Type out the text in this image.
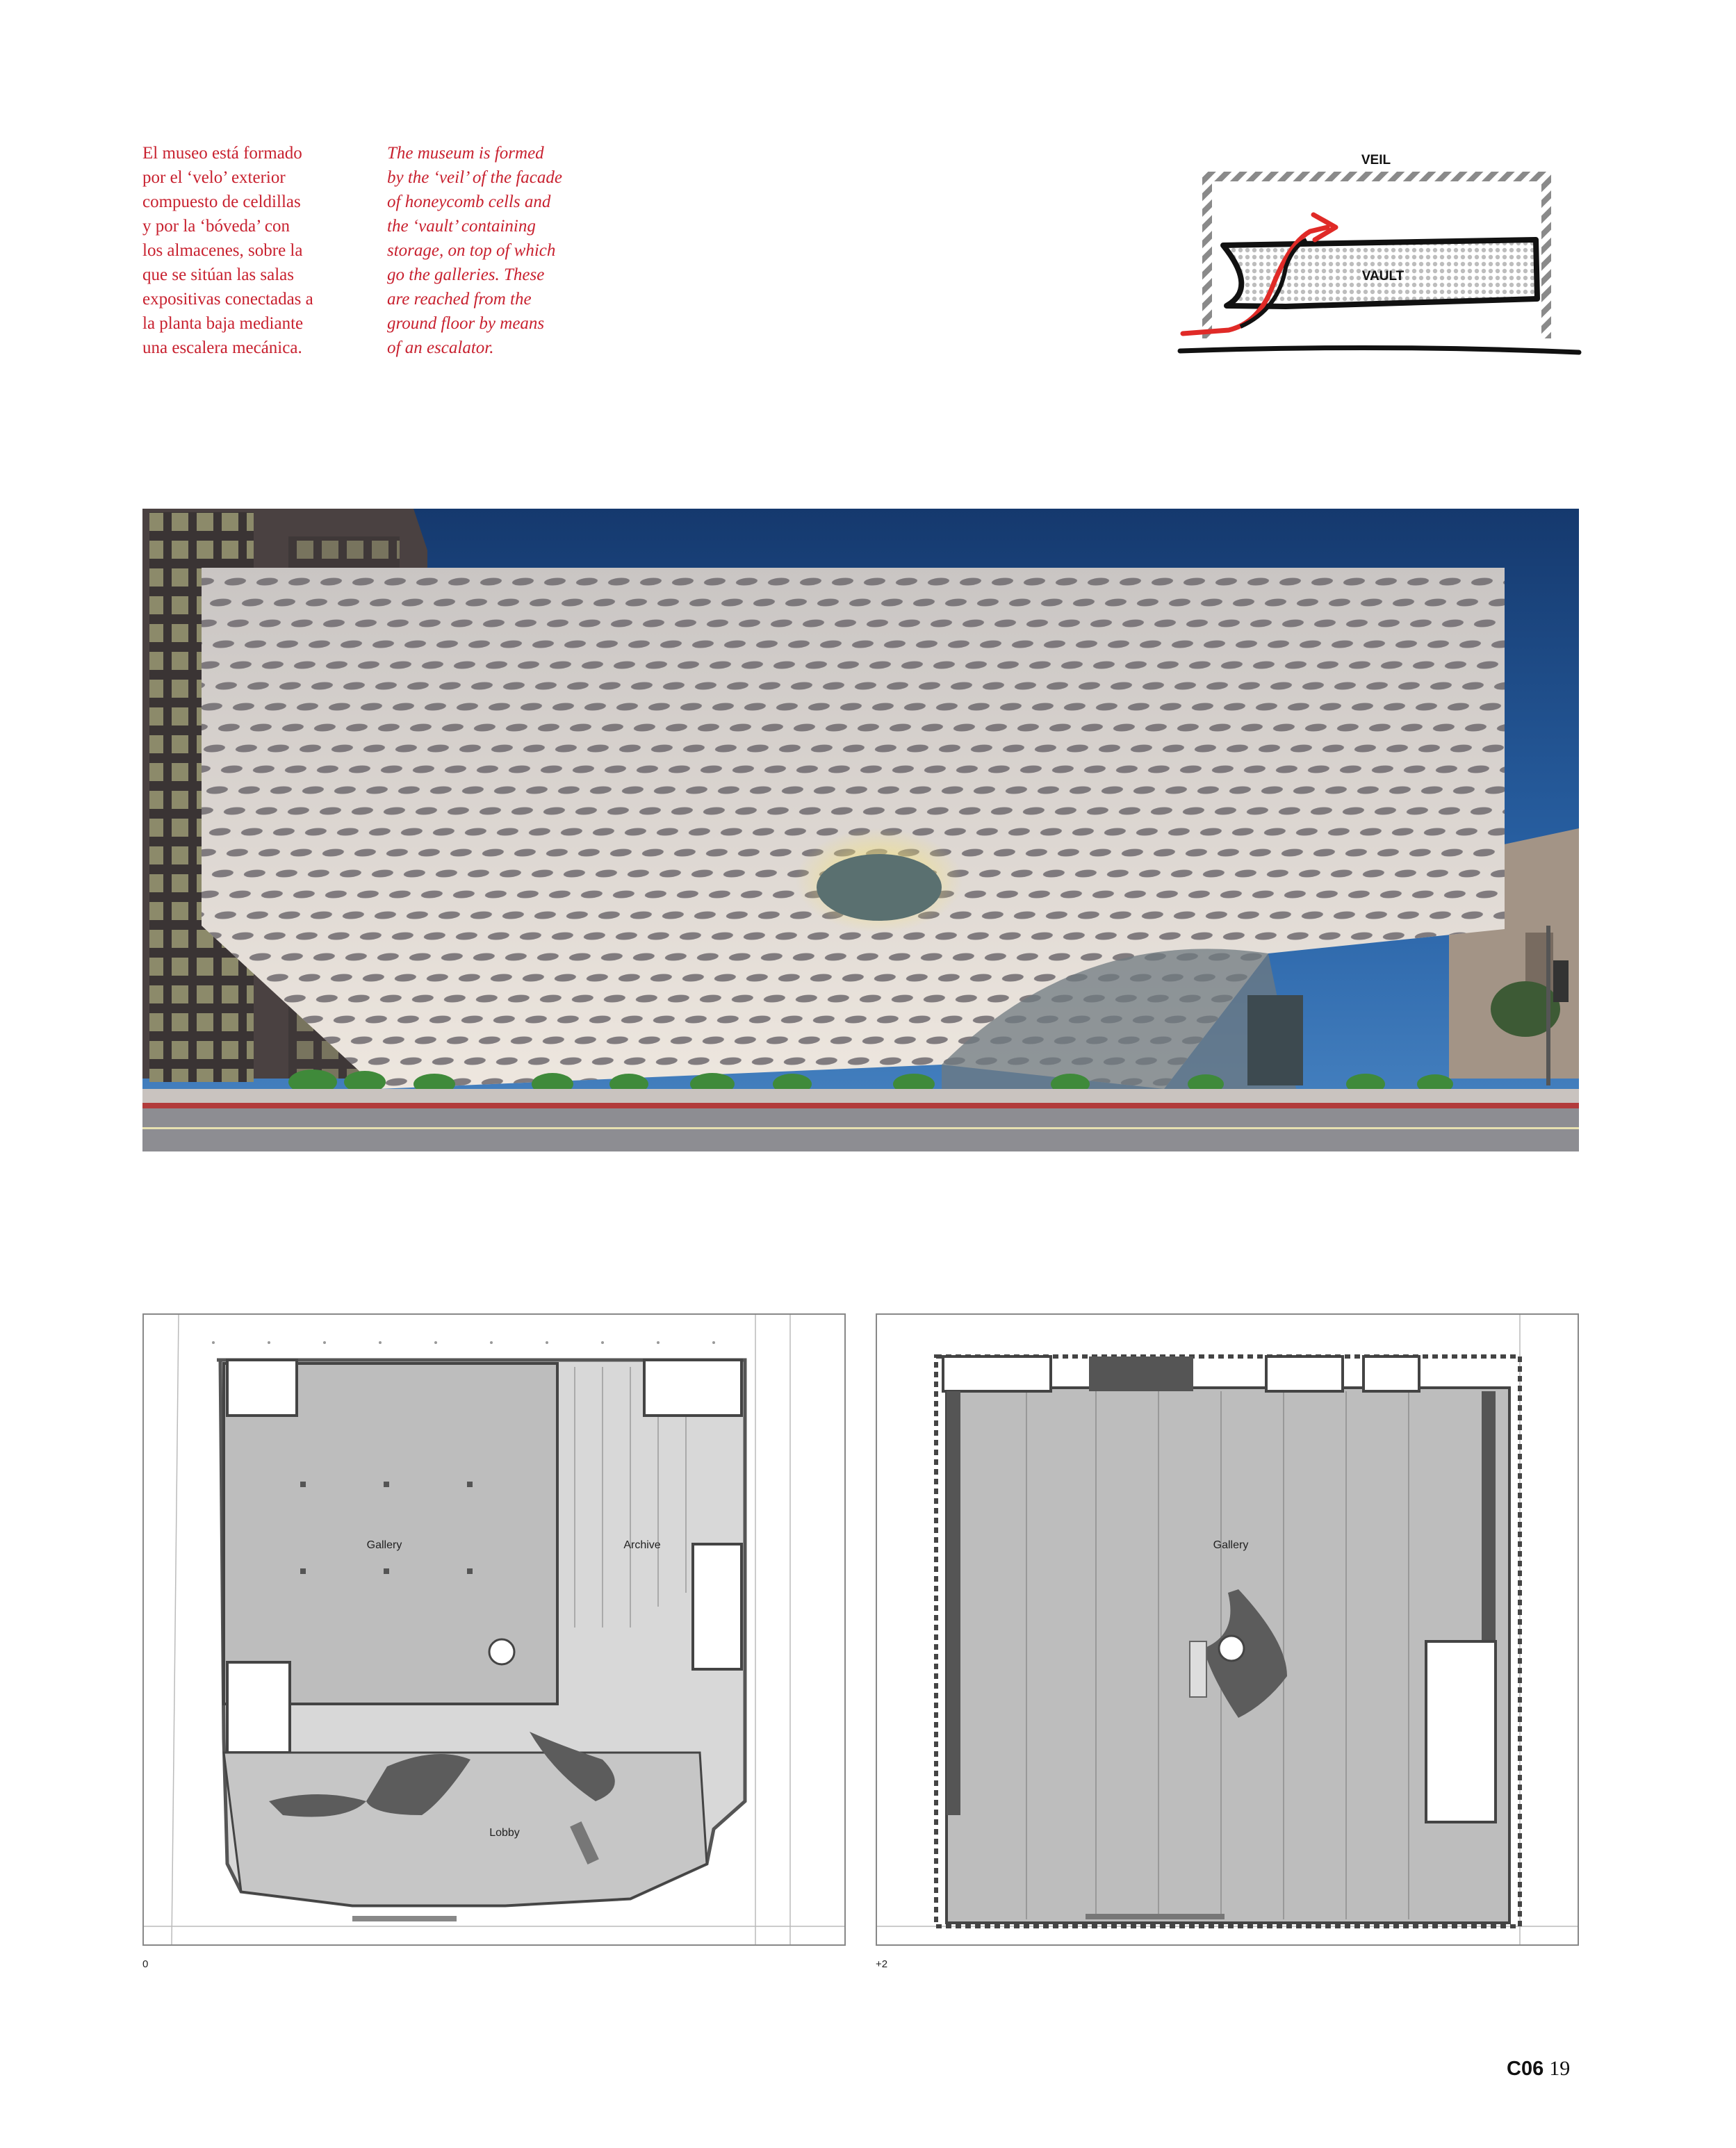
El museo está formado
por el ‘velo’ exterior
compuesto de celdillas
y por la ‘bóveda’ con
los almacenes, sobre la
que se sitúan las salas
expositivas conectadas a
la planta baja mediante
una escalera mecánica.
The museum is formed
by the ‘veil’ of the facade
of honeycomb cells and
the ‘vault’ containing
storage, on top of which
go the galleries. These
are reached from the
ground floor by means
of an escalator.
VEIL
VAULT
Gallery	Archive
Lobby
0
Gallery
+2
C06 19
